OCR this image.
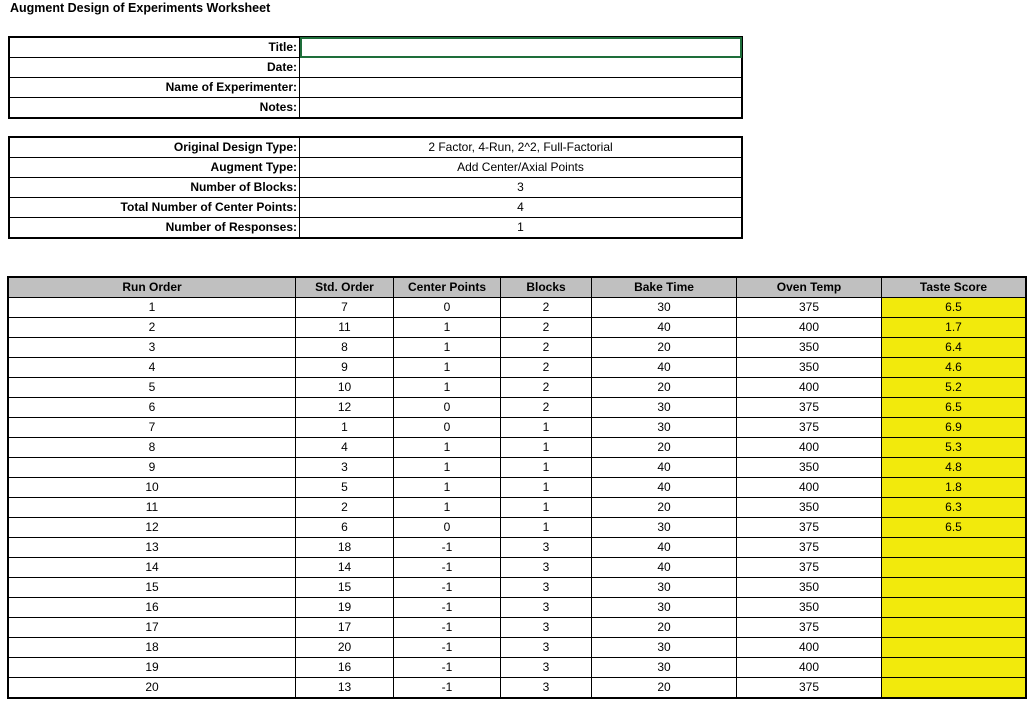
Augment Design of Experiments Worksheet
Title:	
Date:	
Name of Experimenter:	
Notes:	
Original Design Type:	2 Factor, 4-Run, 2^2, Full-Factorial
Augment Type:	Add Center/Axial Points
Number of Blocks:	3
Total Number of Center Points:	4
Number of Responses:	1
Run Order	Std. Order	Center Points	Blocks	Bake Time	Oven Temp	Taste Score
1	7	0	2	30	375	6.5
2	11	1	2	40	400	1.7
3	8	1	2	20	350	6.4
4	9	1	2	40	350	4.6
5	10	1	2	20	400	5.2
6	12	0	2	30	375	6.5
7	1	0	1	30	375	6.9
8	4	1	1	20	400	5.3
9	3	1	1	40	350	4.8
10	5	1	1	40	400	1.8
11	2	1	1	20	350	6.3
12	6	0	1	30	375	6.5
13	18	-1	3	40	375	
14	14	-1	3	40	375	
15	15	-1	3	30	350	
16	19	-1	3	30	350	
17	17	-1	3	20	375	
18	20	-1	3	30	400	
19	16	-1	3	30	400	
20	13	-1	3	20	375	
